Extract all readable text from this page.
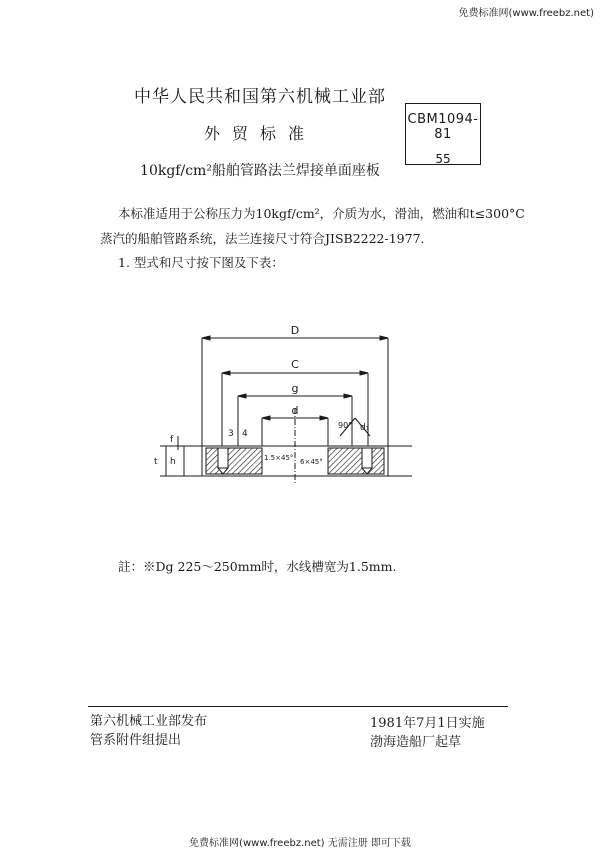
免费标准网(www.freebz.net)
中华人民共和国第六机械工业部
外贸标准
10kgf/cm²船舶管路法兰焊接单面座板
CBM1094-81
55
本标准适用于公称压力为10kgf/cm²，介质为水，滑油，燃油和t≤300°C
蒸汽的船舶管路系统，法兰连接尺寸符合JISB2222-1977.
1. 型式和尺寸按下图及下表：
D
C
g
d
d₁
90°
3 4
f
h
t	1.5×45° 6×45°
註：※Dg 225～250mm时，水线槽宽为1.5mm.
第六机械工业部发布
管系附件组提出
1981年7月1日实施
渤海造船厂起草
免费标准网(www.freebz.net) 无需注册 即可下载
